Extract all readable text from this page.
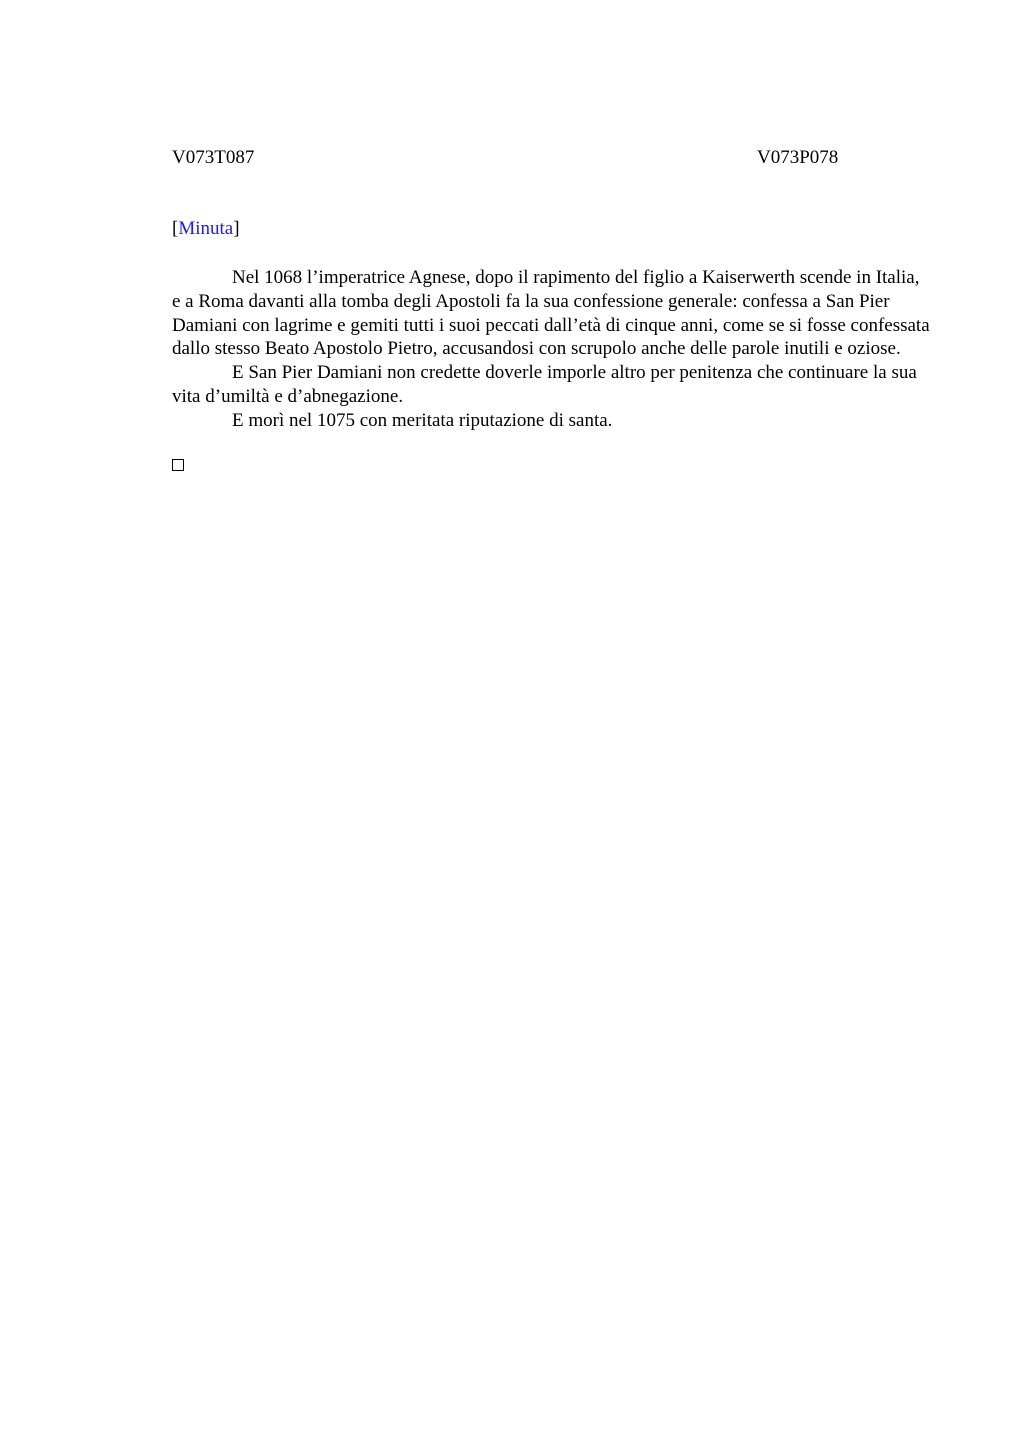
V073T087	V073P078
[Minuta]

Nel 1068 l’imperatrice Agnese, dopo il rapimento del figlio a Kaiserwerth scende in Italia, e a Roma davanti alla tomba degli Apostoli fa la sua confessione generale: confessa a San Pier Damiani con lagrime e gemiti tutti i suoi peccati dall’età di cinque anni, come se si fosse confessata dallo stesso Beato Apostolo Pietro, accusandosi con scrupolo anche delle parole inutili e oziose.

E San Pier Damiani non credette doverle imporle altro per penitenza che continuare la sua vita d’umiltà e d’abnegazione.

E morì nel 1075 con meritata riputazione di santa.
